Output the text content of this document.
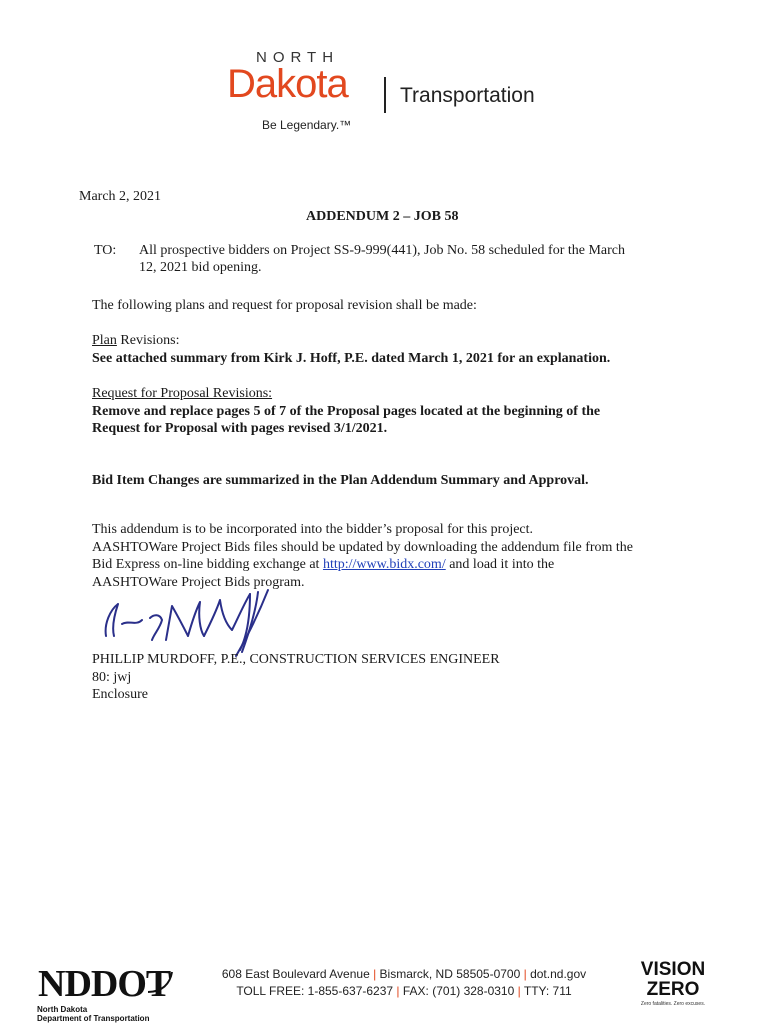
NORTH
Dakota Transportation
Be Legendary.™
March 2, 2021
ADDENDUM 2 – JOB 58
TO: All prospective bidders on Project SS-9-999(441), Job No. 58 scheduled for the March
12, 2021 bid opening.
The following plans and request for proposal revision shall be made:
Plan Revisions:
See attached summary from Kirk J. Hoff, P.E. dated March 1, 2021 for an explanation.
Request for Proposal Revisions:
Remove and replace pages 5 of 7 of the Proposal pages located at the beginning of the
Request for Proposal with pages revised 3/1/2021.
Bid Item Changes are summarized in the Plan Addendum Summary and Approval.
This addendum is to be incorporated into the bidder’s proposal for this project.
AASHTOWare Project Bids files should be updated by downloading the addendum file from the
Bid Express on-line bidding exchange at http://www.bidx.com/ and load it into the
AASHTOWare Project Bids program.
PHILLIP MURDOFF, P.E., CONSTRUCTION SERVICES ENGINEER
80: jwj
Enclosure
NDDOT
North Dakota
Department of Transportation
608 East Boulevard Avenue | Bismarck, ND 58505-0700 | dot.nd.gov
TOLL FREE: 1-855-637-6237 | FAX: (701) 328-0310 | TTY: 711
VISION
ZERO
Zero fatalities. Zero excuses.
